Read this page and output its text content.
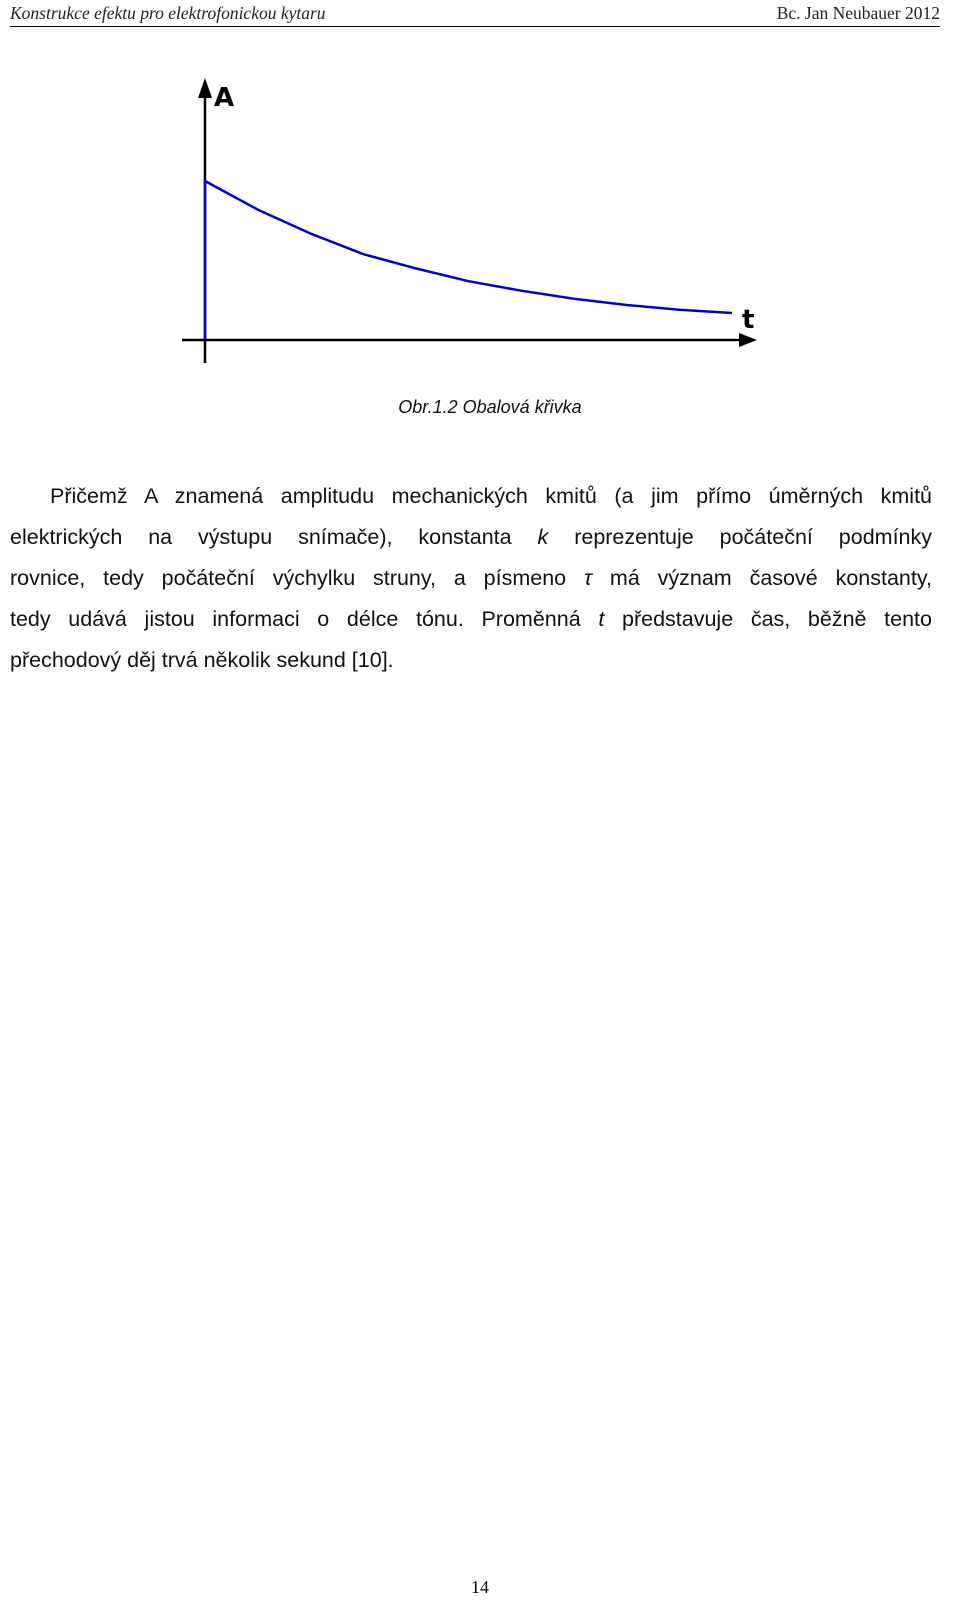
Konstrukce efektu pro elektrofonickou kytaru	Bc. Jan Neubauer 2012
A
t
Obr.1.2 Obalová křivka
Přičemž A znamená amplitudu mechanických kmitů (a jim přímo úměrných kmitů
elektrických na výstupu snímače), konstanta k reprezentuje počáteční podmínky
rovnice, tedy počáteční výchylku struny, a písmeno τ má význam časové konstanty,
tedy udává jistou informaci o délce tónu. Proměnná t představuje čas, běžně tento
přechodový děj trvá několik sekund [10].
14
